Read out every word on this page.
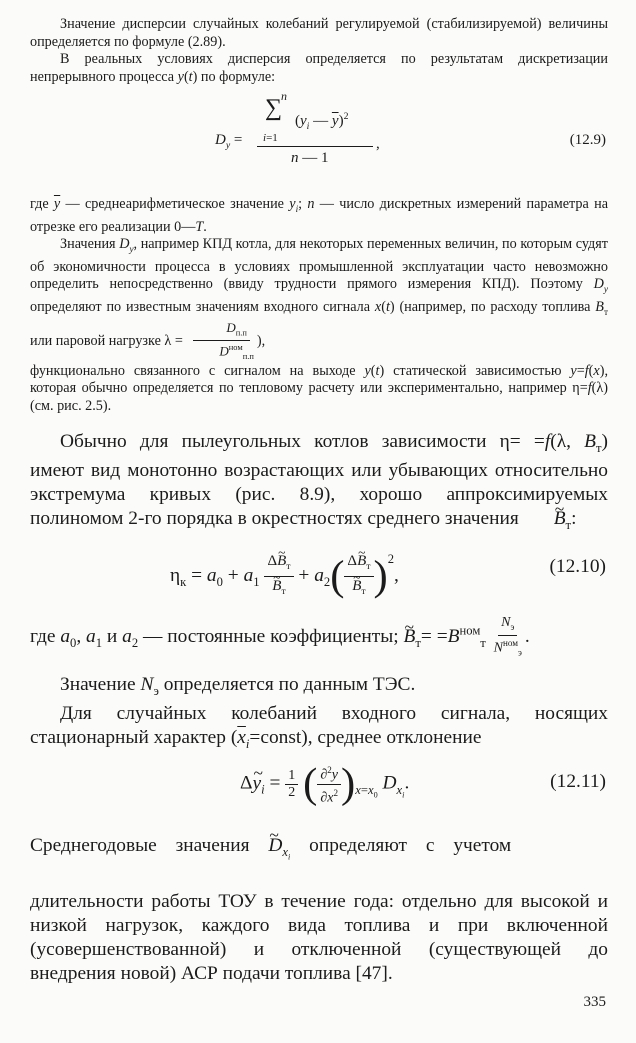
Значение дисперсии случайных колебаний регулируемой (стабилизируемой) величины определяется по формуле (2.89).

В реальных условиях дисперсия определяется по результатам дискретизации непрерывного процесса y(t) по формуле:

n
∑ ($y_i$ — $\overline{y})^2$
i=1
n — 1
$D_y$ =	,	(12.9)

где $\overline{y}$ — среднеарифметическое значение $y_i$; n — число дискретных измерений параметра на отрезке его реализации 0—T.

Значения $D_y$, например КПД котла, для некоторых переменных величин, по которым судят об экономичности процесса в условиях промышленной эксплуатации часто невозможно определить непосредственно (ввиду трудности прямого измерения КПД). Поэтому $D_y$ определяют по известным значениям входного сигнала x(t) (например, по расходу топлива $B_т$ или паровой нагрузке $\lambda = \frac{D_{п.п}}{D^{ном}_{п.п}}$ ),

функционально связанного с сигналом на выходе y(t) статической зависимостью y=f(x), которая обычно определяется по тепловому расчету или экспериментально, например η=f(λ) (см. рис. 2.5).

Обычно для пылеугольных котлов зависимости η= =f(λ, $B_т$) имеют вид монотонно возрастающих или убывающих относительно экстремума кривых (рис. 8.9), хорошо аппроксимируемых полиномом 2-го порядка в окрестностях среднего значения ~ $B_т$:

$\eta_к = a_0 + a_1$ Δ~ $B_т$
~ $B_т + a_2$( Δ~ $B_т$
~ $B_т$ )$^2$,	(12.10)

где $a_0$, $a_1$ и $a_2$ — постоянные коэффициенты; ~ $B_т= =B^{ном}_т \frac{N_э}{N^{ном}_э}$ .

Значение $N_э$ определяется по данным ТЭС.

Для случайных колебаний входного сигнала, носящих стационарный характер $(\overline{x}_i=const)$, среднее отклонение

Δ~ $y_i = \frac{1}{2}$ ( $\frac{\partial^2y}{\partial x^2} )_{x=x_0}$ $D_{x_i}$.	(12.11)

Среднегодовые значения ~ $D_{x_i}$ определяют с учетом

длительности работы ТОУ в течение года: отдельно для высокой и низкой нагрузок, каждого вида топлива и при включенной (усовершенствованной) и отключенной (существующей до внедрения новой) АСР подачи топлива [47].

335
